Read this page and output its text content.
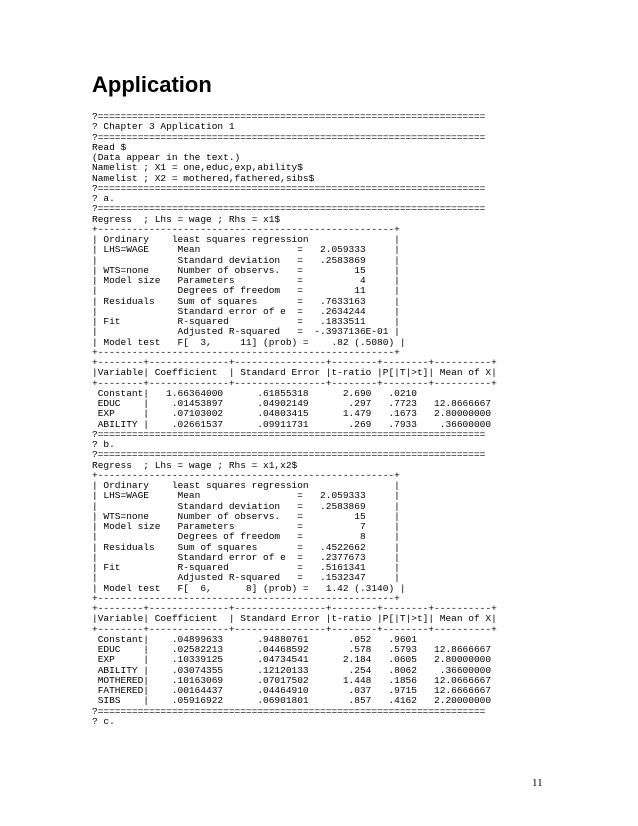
Application
?====================================================================
? Chapter 3 Application 1
?====================================================================
Read $
(Data appear in the text.)
Namelist ; X1 = one,educ,exp,ability$
Namelist ; X2 = mothered,fathered,sibs$
?====================================================================
? a.
?====================================================================
Regress  ; Lhs = wage ; Rhs = x1$
+----------------------------------------------------+
| Ordinary    least squares regression               |
| LHS=WAGE     Mean                 =   2.059333     |
|              Standard deviation   =   .2583869     |
| WTS=none     Number of observs.   =         15     |
| Model size   Parameters           =          4     |
|              Degrees of freedom   =         11     |
| Residuals    Sum of squares       =   .7633163     |
|              Standard error of e  =   .2634244     |
| Fit          R-squared            =   .1833511     |
|              Adjusted R-squared   =  -.3937136E-01 |
| Model test   F[  3,     11] (prob) =    .82 (.5080) |
+----------------------------------------------------+
+--------+--------------+----------------+--------+--------+----------+
|Variable| Coefficient  | Standard Error |t-ratio |P[|T|>t]| Mean of X|
+--------+--------------+----------------+--------+--------+----------+
Constant|   1.66364000      .61855318      2.690   .0210
EDUC    |    .01453897      .04902149       .297   .7723   12.8666667
EXP     |    .07103002      .04803415      1.479   .1673   2.80000000
ABILITY |    .02661537      .09911731       .269   .7933    .36600000
?====================================================================
? b.
?====================================================================
Regress  ; Lhs = wage ; Rhs = x1,x2$
+----------------------------------------------------+
| Ordinary    least squares regression               |
| LHS=WAGE     Mean                 =   2.059333     |
|              Standard deviation   =   .2583869     |
| WTS=none     Number of observs.   =         15     |
| Model size   Parameters           =          7     |
|              Degrees of freedom   =          8     |
| Residuals    Sum of squares       =   .4522662     |
|              Standard error of e  =   .2377673     |
| Fit          R-squared            =   .5161341     |
|              Adjusted R-squared   =   .1532347     |
| Model test   F[  6,      8] (prob) =   1.42 (.3140) |
+----------------------------------------------------+
+--------+--------------+----------------+--------+--------+----------+
|Variable| Coefficient  | Standard Error |t-ratio |P[|T|>t]| Mean of X|
+--------+--------------+----------------+--------+--------+----------+
Constant|    .04899633      .94880761       .052   .9601
EDUC    |    .02582213      .04468592       .578   .5793   12.8666667
EXP     |    .10339125      .04734541      2.184   .0605   2.80000000
ABILITY |    .03074355      .12120133       .254   .8062    .36600000
MOTHERED|    .10163069      .07017502      1.448   .1856   12.0666667
FATHERED|    .00164437      .04464910       .037   .9715   12.6666667
SIBS    |    .05916922      .06901801       .857   .4162   2.20000000
?====================================================================
? c.
11
